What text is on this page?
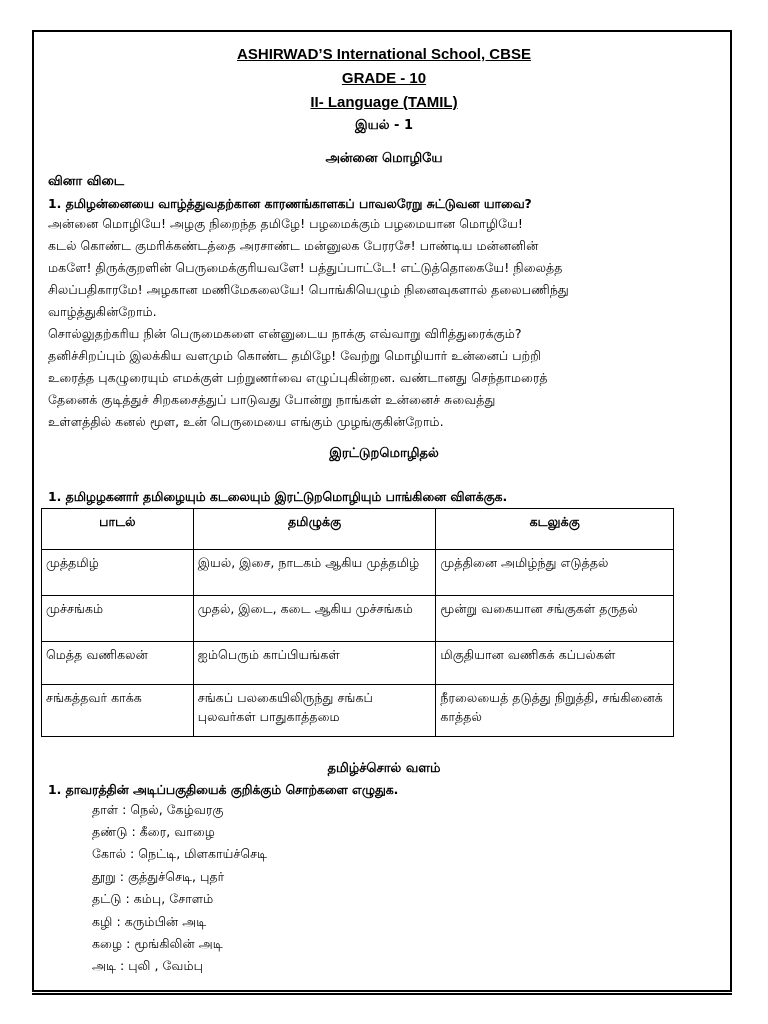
ASHIRWAD’S International School, CBSE
GRADE - 10
II- Language (TAMIL)
இயல் - 1
அன்னை மொழியே
வினா விடை
1. தமிழன்னையை வாழ்த்துவதற்கான காரணங்காளகப் பாவலரேறு சுட்டுவன யாவை?
அன்னை மொழியே! அழகு நிறைந்த தமிழே! பழமைக்கும் பழமையான மொழியே!
கடல் கொண்ட குமரிக்கண்டத்தை அரசாண்ட மன்னுலக பேரரசே! பாண்டிய மன்னனின்
மகளே! திருக்குறளின் பெருமைக்குரியவளே! பத்துப்பாட்டே! எட்டுத்தொகையே! நிலைத்த
சிலப்பதிகாரமே! அழகான மணிமேகலையே! பொங்கியெழும் நினைவுகளால் தலைபணிந்து
வாழ்த்துகின்றோம்.
சொல்லுதற்கரிய நின் பெருமைகளை என்னுடைய நாக்கு எவ்வாறு விரித்துரைக்கும்?
தனிச்சிறப்பும் இலக்கிய வளமும் கொண்ட தமிழே! வேற்று மொழியார் உன்னைப் பற்றி
உரைத்த புகழுரையும் எமக்குள் பற்றுணர்வை எழுப்புகின்றன. வண்டானது செந்தாமரைத்
தேனைக் குடித்துச் சிறகசைத்துப் பாடுவது போன்று நாங்கள் உன்னைச் சுவைத்து
உள்ளத்தில் கனல் மூள, உன் பெருமையை எங்கும் முழங்குகின்றோம்.
இரட்டுறமொழிதல்
1. தமிழழகனார் தமிழையும் கடலையும் இரட்டுறமொழியும் பாங்கினை விளக்குக.
பாடல்	தமிழுக்கு	கடலுக்கு
முத்தமிழ்	இயல், இசை, நாடகம் ஆகிய முத்தமிழ்	முத்தினை அமிழ்ந்து எடுத்தல்
முச்சங்கம்	முதல், இடை, கடை ஆகிய முச்சங்கம்	மூன்று வகையான சங்குகள் தருதல்
மெத்த வணிகலன்	ஐம்பெரும் காப்பியங்கள்	மிகுதியான வணிகக் கப்பல்கள்
சங்கத்தவர் காக்க	சங்கப் பலகையிலிருந்து சங்கப் புலவர்கள் பாதுகாத்தமை	நீரலையைத் தடுத்து நிறுத்தி, சங்கினைக் காத்தல்
தமிழ்ச்சொல் வளம்
1. தாவரத்தின் அடிப்பகுதியைக் குறிக்கும் சொற்களை எழுதுக.
தாள் : நெல், கேழ்வரகு
தண்டு : கீரை, வாழை
கோல் : நெட்டி, மிளகாய்ச்செடி
தூறு : குத்துச்செடி, புதர்
தட்டு : கம்பு, சோளம்
கழி : கரும்பின் அடி
கழை : மூங்கிலின் அடி
அடி : புலி , வேம்பு
